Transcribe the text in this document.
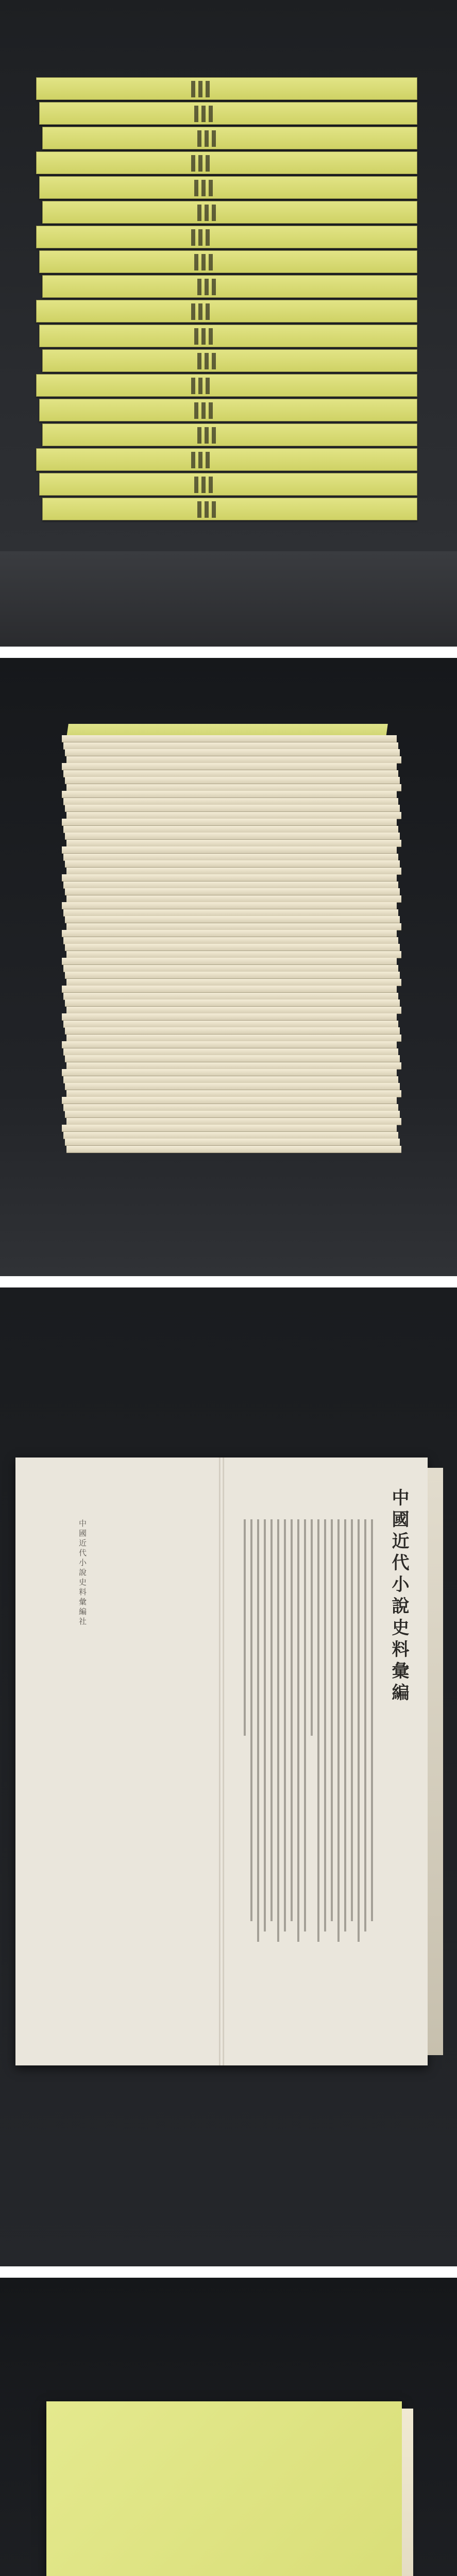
中國近代小說史料彙編社	中國近代小說史料彙編
